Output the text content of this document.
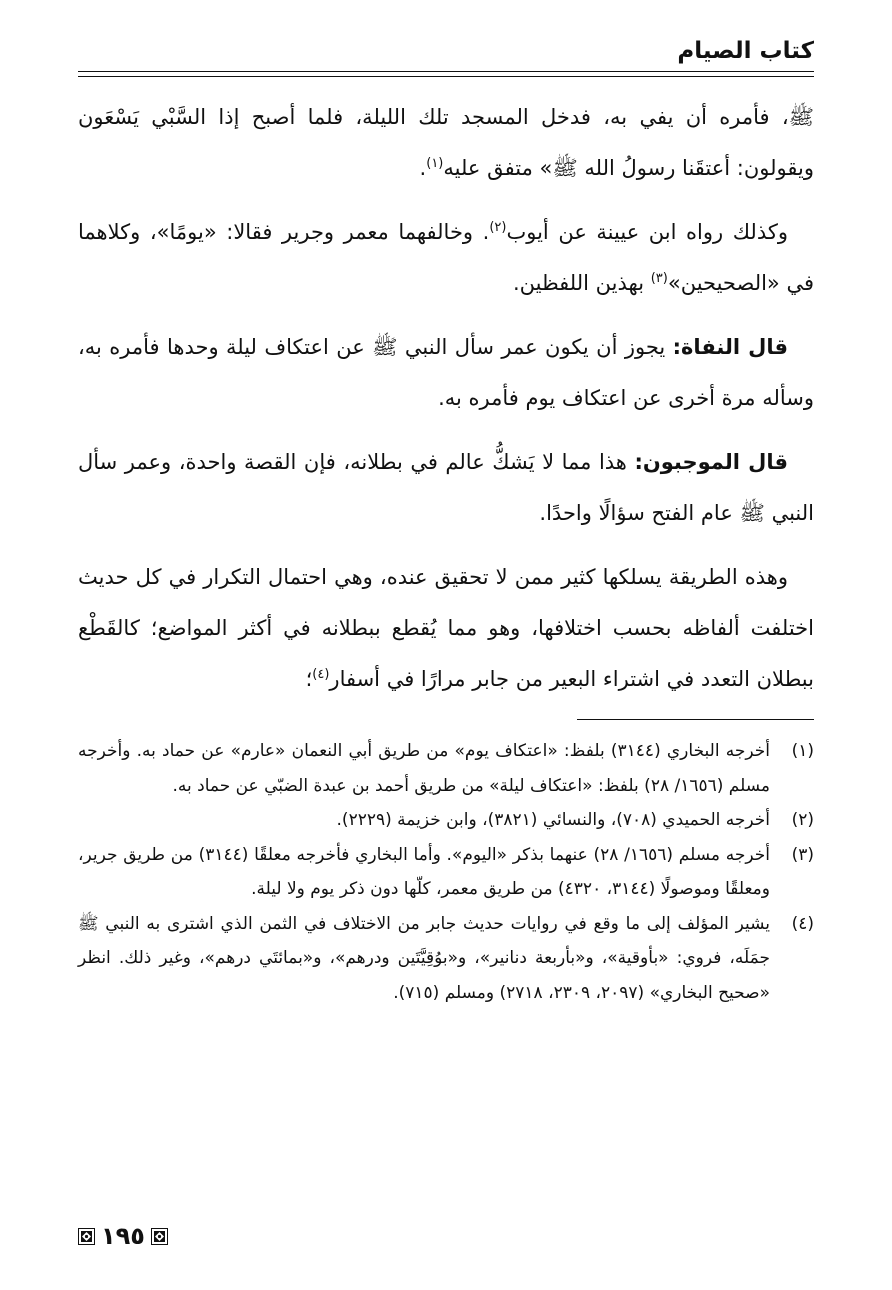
كتاب الصيام

ﷺ، فأمره أن يفي به، فدخل المسجد تلك الليلة، فلما أصبح إذا السَّبْي يَسْعَون ويقولون: أعتقَنا رسولُ الله ﷺ» متفق عليه$^{(١)}$.

وكذلك رواه ابن عيينة عن أيوب$^{(٢)}$. وخالفهما معمر وجرير فقالا: «يومًا»، وكلاهما في «الصحيحين»$^{(٣)}$ بهذين اللفظين.

قال النفاة: يجوز أن يكون عمر سأل النبي ﷺ عن اعتكاف ليلة وحدها فأمره به، وسأله مرة أخرى عن اعتكاف يوم فأمره به.

قال الموجبون: هذا مما لا يَشكُّ عالم في بطلانه، فإن القصة واحدة، وعمر سأل النبي ﷺ عام الفتح سؤالًا واحدًا.

وهذه الطريقة يسلكها كثير ممن لا تحقيق عنده، وهي احتمال التكرار في كل حديث اختلفت ألفاظه بحسب اختلافها، وهو مما يُقطع ببطلانه في أكثر المواضع؛ كالقَطْع ببطلان التعدد في اشتراء البعير من جابر مرارًا في أسفار$^{(٤)}$؛

(١)
أخرجه البخاري (٣١٤٤) بلفظ: «اعتكاف يوم» من طريق أبي النعمان «عارم» عن حماد به. وأخرجه مسلم (١٦٥٦/ ٢٨) بلفظ: «اعتكاف ليلة» من طريق أحمد بن عبدة الضبّي عن حماد به.
(٢)
أخرجه الحميدي (٧٠٨)، والنسائي (٣٨٢١)، وابن خزيمة (٢٢٢٩).
(٣)
أخرجه مسلم (١٦٥٦/ ٢٨) عنهما بذكر «اليوم». وأما البخاري فأخرجه معلقًا (٣١٤٤) من طريق جرير، ومعلقًا وموصولًا (٣١٤٤، ٤٣٢٠) من طريق معمر، كلّها دون ذكر يوم ولا ليلة.
(٤)
يشير المؤلف إلى ما وقع في روايات حديث جابر من الاختلاف في الثمن الذي اشترى به النبي ﷺ جمَلَه، فروي: «بأوقية»، و«بأربعة دنانير»، و«بوُقِيَّتَين ودرهم»، و«بمائتَي درهم»، وغير ذلك. انظر «صحيح البخاري» (٢٠٩٧، ٢٣٠٩، ٢٧١٨) ومسلم (٧١٥).
١٩٥
